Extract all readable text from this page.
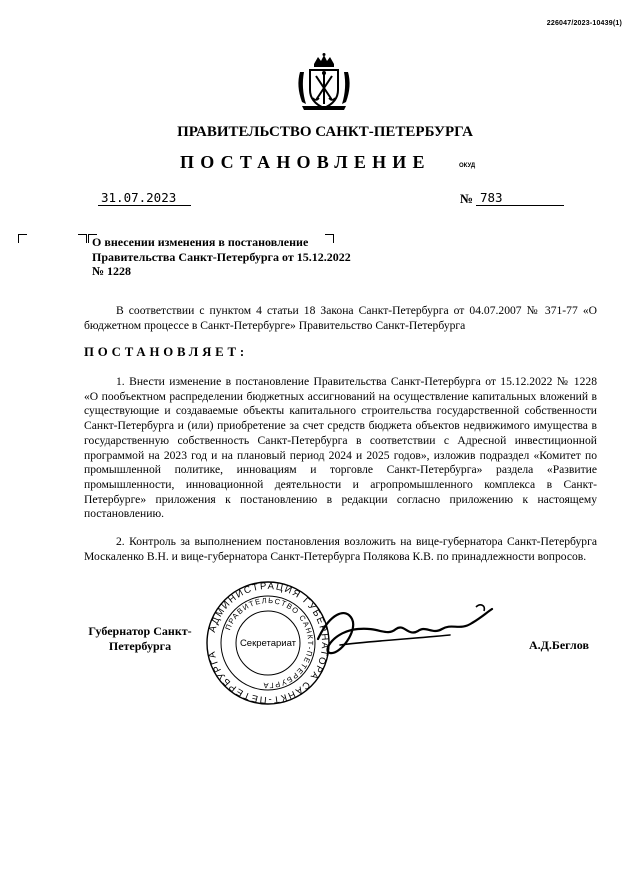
226047/2023-10439(1)
ПРАВИТЕЛЬСТВО САНКТ-ПЕТЕРБУРГА
ПОСТАНОВЛЕНИЕ	ОКУД
31.07.2023	№ 783
О внесении изменения в постановление Правительства Санкт-Петербурга от 15.12.2022 № 1228

В соответствии с пунктом 4 статьи 18 Закона Санкт-Петербурга от 04.07.2007 № 371-77 «О бюджетном процессе в Санкт-Петербурге» Правительство Санкт-Петербурга

ПОСТАНОВЛЯЕТ:

1. Внести изменение в постановление Правительства Санкт-Петербурга от 15.12.2022 № 1228 «О пообъектном распределении бюджетных ассигнований на осуществление капитальных вложений в существующие и создаваемые объекты капитального строительства государственной собственности Санкт-Петербурга и (или) приобретение за счет средств бюджета объектов недвижимого имущества в государственную собственность Санкт-Петербурга в соответствии с Адресной инвестиционной программой на 2023 год и на плановый период 2024 и 2025 годов», изложив подраздел «Комитет по промышленной политике, инновациям и торговле Санкт-Петербурга» раздела «Развитие промышленности, инновационной деятельности и агропромышленного комплекса в Санкт-Петербурге» приложения к постановлению в редакции согласно приложению к настоящему постановлению.

2. Контроль за выполнением постановления возложить на вице-губернатора Санкт-Петербурга Москаленко В.Н. и вице-губернатора Санкт-Петербурга Полякова К.В. по принадлежности вопросов.

Губернатор Санкт-Петербурга
АДМИНИСТРАЦИЯ ГУБЕРНАТОРА САНКТ-ПЕТЕРБУРГА
ПРАВИТЕЛЬСТВО САНКТ-ПЕТЕРБУРГА
Секретариат	А.Д.Беглов
